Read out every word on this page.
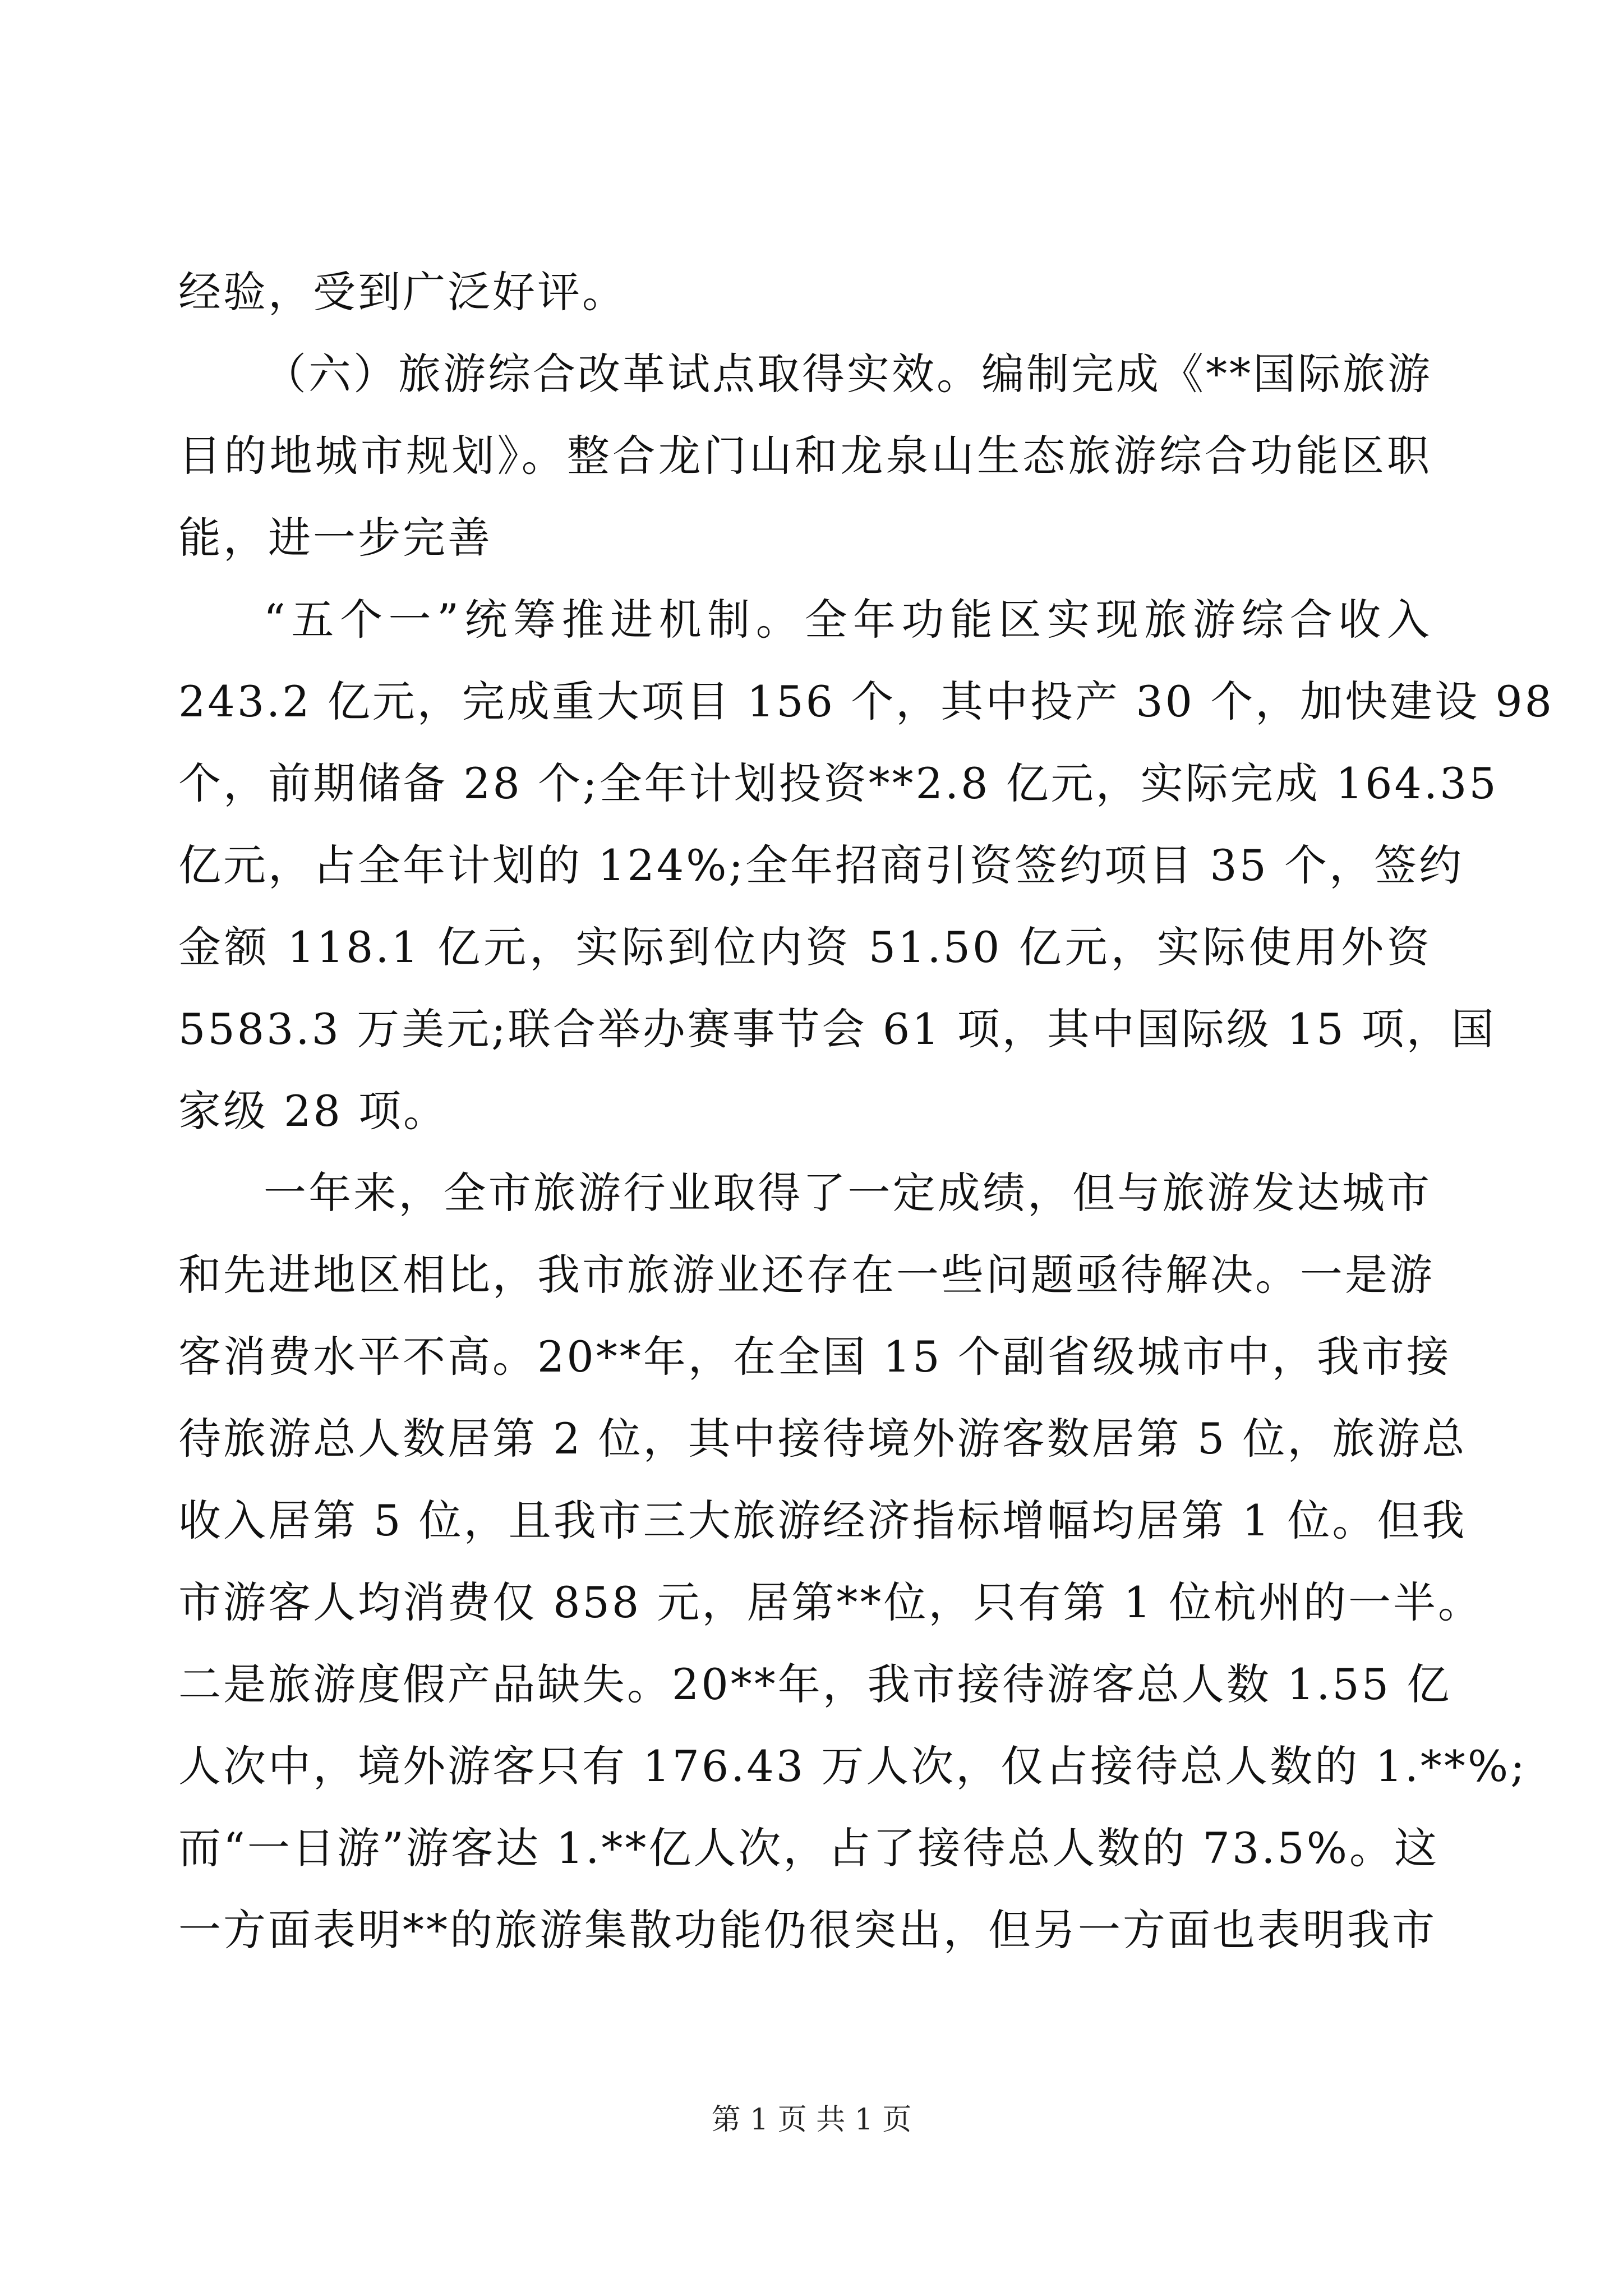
经验，受到广泛好评。
（六）旅游综合改革试点取得实效。编制完成《**国际旅游
目的地城市规划》。整合龙门山和龙泉山生态旅游综合功能区职
能，进一步完善
“五个一”统筹推进机制。全年功能区实现旅游综合收入
243.2 亿元，完成重大项目 156 个，其中投产 30 个，加快建设 98
个，前期储备 28 个;全年计划投资**2.8 亿元，实际完成 164.35
亿元，占全年计划的 124%;全年招商引资签约项目 35 个，签约
金额 118.1 亿元，实际到位内资 51.50 亿元，实际使用外资
5583.3 万美元;联合举办赛事节会 61 项，其中国际级 15 项，国
家级 28 项。
一年来，全市旅游行业取得了一定成绩，但与旅游发达城市
和先进地区相比，我市旅游业还存在一些问题亟待解决。一是游
客消费水平不高。20**年，在全国 15 个副省级城市中，我市接
待旅游总人数居第 2 位，其中接待境外游客数居第 5 位，旅游总
收入居第 5 位，且我市三大旅游经济指标增幅均居第 1 位。但我
市游客人均消费仅 858 元，居第**位，只有第 1 位杭州的一半。
二是旅游度假产品缺失。20**年，我市接待游客总人数 1.55 亿
人次中，境外游客只有 176.43 万人次，仅占接待总人数的 1.**%;
而“一日游”游客达 1.**亿人次，占了接待总人数的 73.5%。这
一方面表明**的旅游集散功能仍很突出，但另一方面也表明我市
第 1 页 共 1 页
